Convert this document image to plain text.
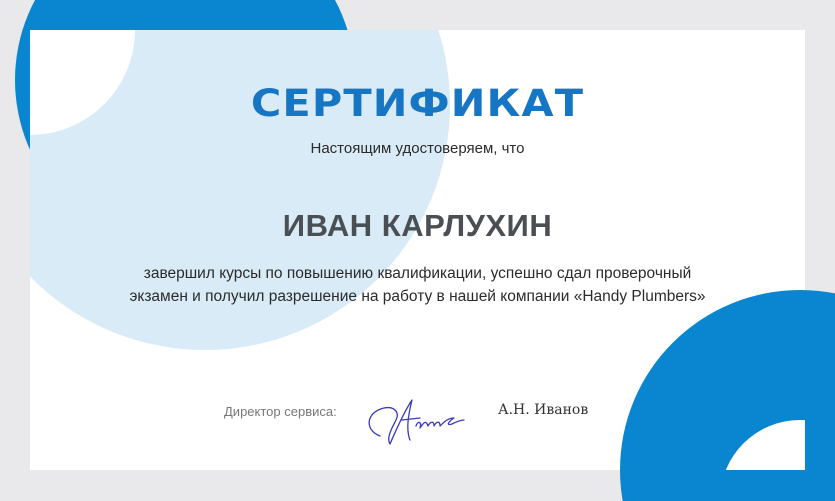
СЕРТИФИКАТ
Настоящим удостоверяем, что
ИВАН КАРЛУХИН
завершил курсы по повышению квалификации, успешно сдал проверочный экзамен и получил разрешение на работу в нашей компании «Handy Plumbers»
Директор сервиса:	А.Н. Иванов
